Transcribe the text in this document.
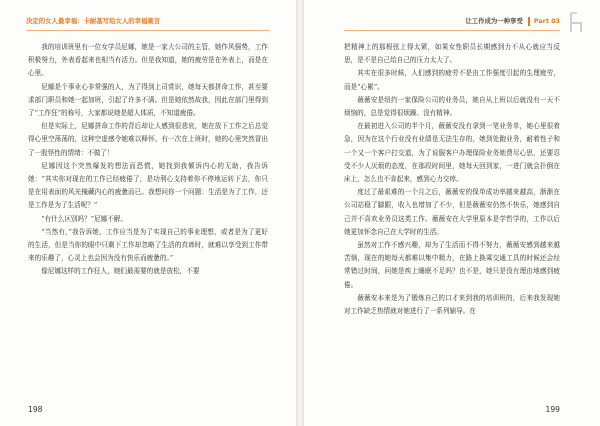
决定的女人最幸福：卡耐基写给女人的幸福箴言

我的培训班里有一位女学员尼娜，她是一家大公司的主管，她作风强势，工作积极努力，外表看起来也相当有活力。但是我知道，她的疲劳是在外表上，而是在心里。

尼娜是个事业心非常强的人，为了得到上司赏识，她每天都拼命工作，甚至要求部门职员和她一起加班，引起了许多不满。但是她依然故我，因此在部门里得到了“工作狂”的称号，大家都说她是超人体质，不知道疲倦。

但是实际上，尼娜拼命工作的背后却让人感到很悲哀，她在放下工作之后总觉得心里空荡荡的，这种空虚感令她难以释怀。有一次在上班时，她的心里突然冒出了一股怪性的情绪：不做了！

尼娜因这个突然爆发的想法而恐慌，她找到我倾诉内心的无助，我告诉她：“其实你对现在的工作已经疲倦了，是功利心支持着你不停地运转下去，你只是在用表面的风光掩藏内心的疲惫而已。我想问你一个问题：生活是为了工作，还是工作是为了生活呢？”

“有什么区别吗？”尼娜不解。

“当然有，”我告诉她，工作应当是为了实现自己的事业理想，或者是为了更好的生活，但是当你的眼中只剩下工作却忽略了生活的真谛时，就难以享受到工作带来的乐趣了，心灵上也会因为没有快乐而疲惫的。”

像尼娜这样的工作狂人，她们最需要的就是放松，不要

198
让工作成为一种享受 Part 03

把精神上的那根弦上得太紧，如果女性职员长期感到力不从心就应当反思，是不是自己给自己的压力太大了。

其实在很多时候，人们感到的疲劳不是由工作强度引起的生理疲劳，而是“心累”。

薇薇安是纽约一家保险公司的业务员，她自从上班以后就没有一天不烦恼的，总是觉得很烦躁、没有精神。

在最初进入公司的半个月，薇薇安没有拿到一笔业务单，她心里很着急，因为在这个行业没有业绩是无法生存的，她到处跑业务，耐着性子和一个又一个客户打交道，为了说服客户办理保险业务她费尽心思，还要忍受不少人厌烦的态度，在那段时间里，她每天回到家，一进门就会扑倒在床上，怎么也不肯起来，感到心力交瘁。

度过了最艰难的一个月之后，薇薇安的保单成功率越来越高，渐渐在公司站稳了脚跟，收入也增加了不少，但是薇薇安仍然不快乐，她感到自己并不喜欢业务员这类工作。薇薇安在大学里原本是学哲学的，工作以后她更加怀念自己在大学时的生活。

虽然对工作不感兴趣，却为了生活而不得不努力，薇薇安感到越来越苦恼，现在的她每天都难以集中精力，在路上换乘交通工具的时候还会经常错过时间，问她是疾上睡眠不足吗？也不是，她只是没有理由地感到疲倦。

薇薇安本来是为了锻炼自己的口才来到我的培训班的，后来我发现她对工作缺乏热情就对她进行了一系列辅导。在

199
